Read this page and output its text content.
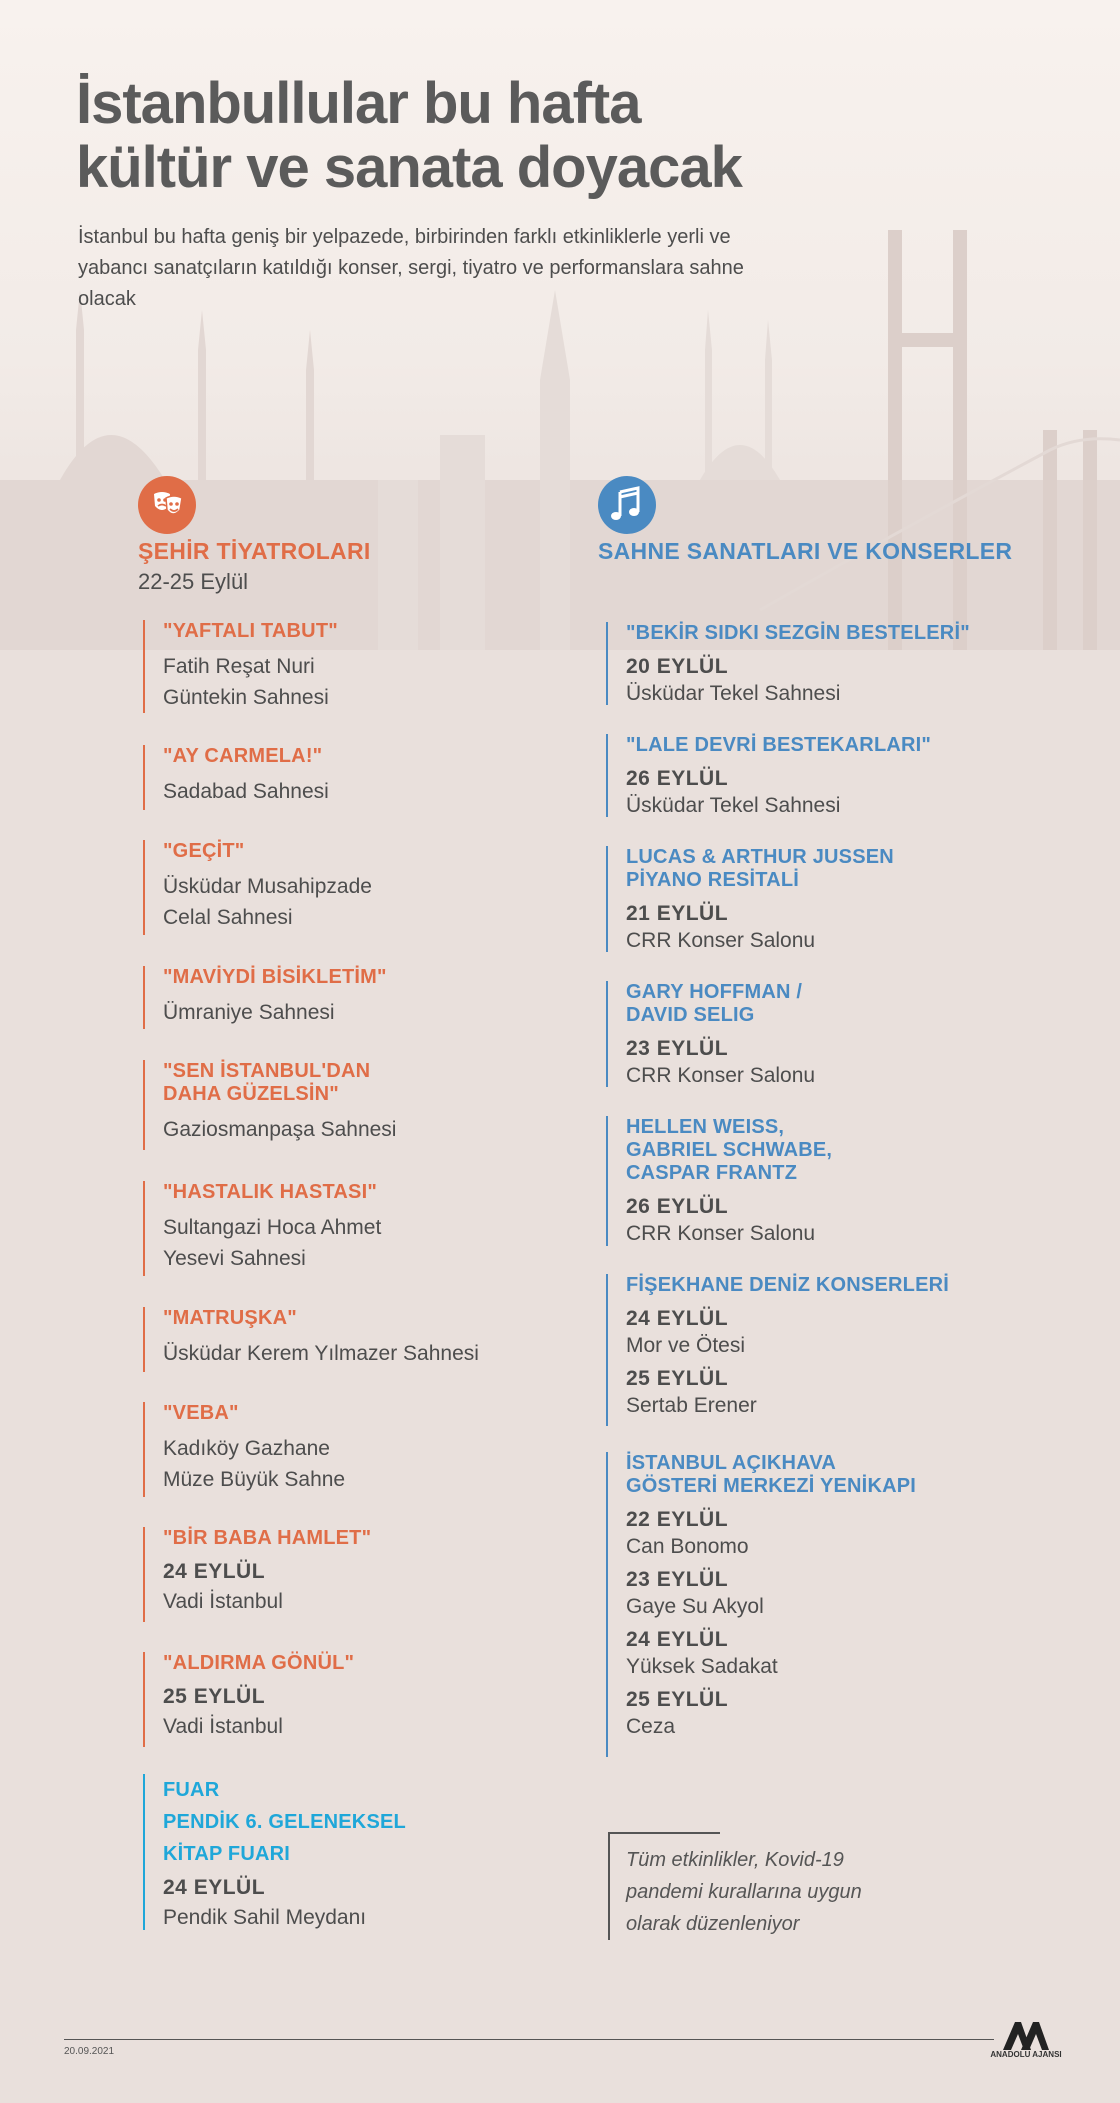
İstanbullular bu hafta
kültür ve sanata doyacak
İstanbul bu hafta geniş bir yelpazede, birbirinden farklı etkinliklerle yerli ve yabancı sanatçıların katıldığı konser, sergi, tiyatro ve performanslara sahne olacak
ŞEHİR TİYATROLARI
22-25 Eylül
SAHNE SANATLARI VE KONSERLER
"YAFTALI TABUT"
Fatih Reşat Nuri
Güntekin Sahnesi
"AY CARMELA!"
Sadabad Sahnesi
"GEÇİT"
Üsküdar Musahipzade
Celal Sahnesi
"MAVİYDİ BİSİKLETİM"
Ümraniye Sahnesi
"SEN İSTANBUL'DAN
DAHA GÜZELSİN"
Gaziosmanpaşa Sahnesi
"HASTALIK HASTASI"
Sultangazi Hoca Ahmet
Yesevi Sahnesi
"MATRUŞKA"
Üsküdar Kerem Yılmazer Sahnesi
"VEBA"
Kadıköy Gazhane
Müze Büyük Sahne
"BİR BABA HAMLET"
24 EYLÜL
Vadi İstanbul
"ALDIRMA GÖNÜL"
25 EYLÜL
Vadi İstanbul
FUAR
PENDİK 6. GELENEKSEL
KİTAP FUARI
24 EYLÜL
Pendik Sahil Meydanı
"BEKİR SIDKI SEZGİN BESTELERİ"
20 EYLÜL
Üsküdar Tekel Sahnesi
"LALE DEVRİ BESTEKARLARI"
26 EYLÜL
Üsküdar Tekel Sahnesi
LUCAS & ARTHUR JUSSEN
PİYANO RESİTALİ
21 EYLÜL
CRR Konser Salonu
GARY HOFFMAN /
DAVID SELIG
23 EYLÜL
CRR Konser Salonu
HELLEN WEISS,
GABRIEL SCHWABE,
CASPAR FRANTZ
26 EYLÜL
CRR Konser Salonu
FİŞEKHANE DENİZ KONSERLERİ
24 EYLÜL
Mor ve Ötesi
25 EYLÜL
Sertab Erener
İSTANBUL AÇIKHAVA
GÖSTERİ MERKEZİ YENİKAPI
22 EYLÜL
Can Bonomo
23 EYLÜL
Gaye Su Akyol
24 EYLÜL
Yüksek Sadakat
25 EYLÜL
Ceza
Tüm etkinlikler, Kovid-19
pandemi kurallarına uygun
olarak düzenleniyor
20.09.2021	ANADOLU AJANSI
